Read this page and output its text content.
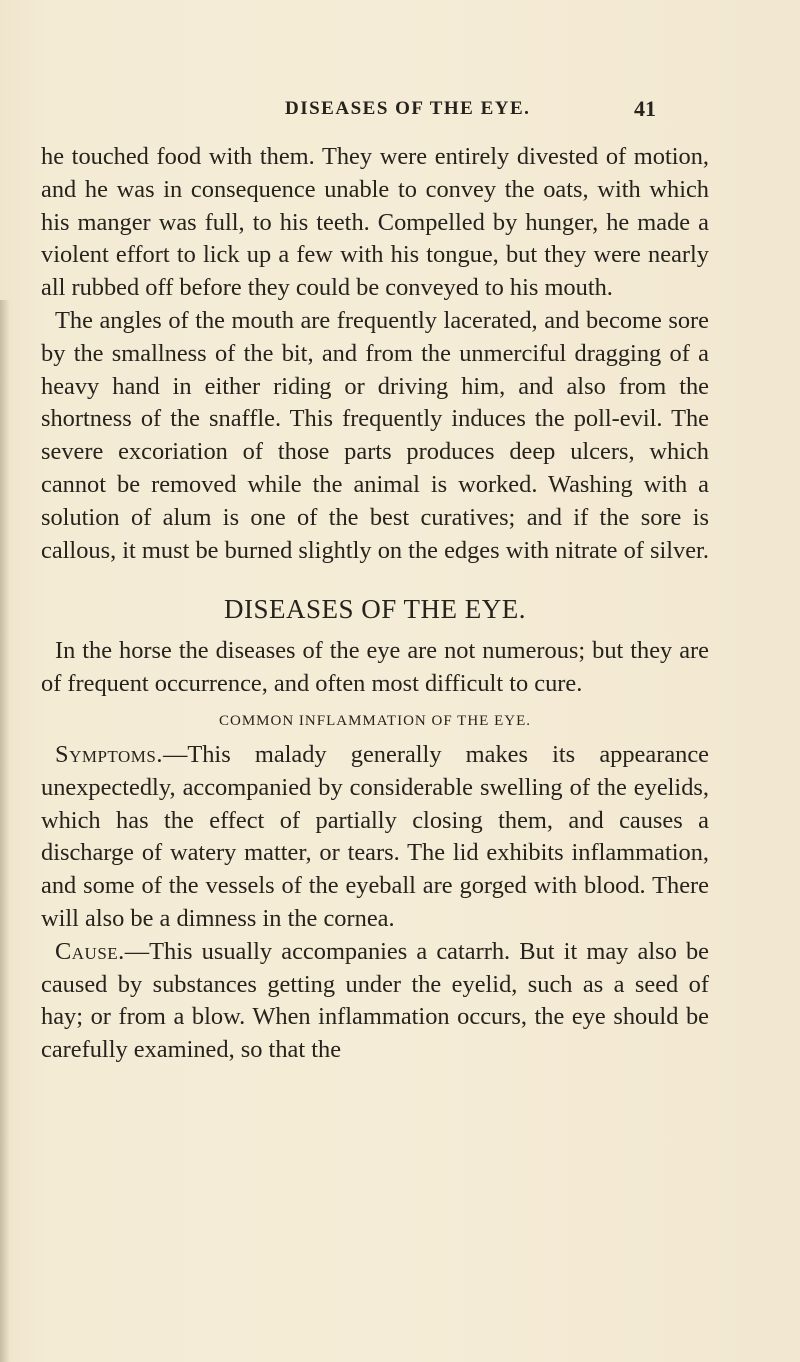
DISEASES OF THE EYE.	41

he touched food with them. They were entirely divested of motion, and he was in consequence unable to convey the oats, with which his manger was full, to his teeth. Compelled by hunger, he made a violent effort to lick up a few with his tongue, but they were nearly all rubbed off before they could be conveyed to his mouth.

The angles of the mouth are frequently lacerated, and become sore by the smallness of the bit, and from the unmerciful dragging of a heavy hand in either riding or driving him, and also from the shortness of the snaffle. This frequently induces the poll-evil. The severe excoriation of those parts produces deep ulcers, which cannot be removed while the animal is worked. Washing with a solution of alum is one of the best curatives; and if the sore is callous, it must be burned slightly on the edges with nitrate of silver.

DISEASES OF THE EYE.

In the horse the diseases of the eye are not numerous; but they are of frequent occurrence, and often most difficult to cure.

COMMON INFLAMMATION OF THE EYE.

Symptoms.—This malady generally makes its appearance unexpectedly, accompanied by considerable swelling of the eyelids, which has the effect of partially closing them, and causes a discharge of watery matter, or tears. The lid exhibits inflammation, and some of the vessels of the eyeball are gorged with blood. There will also be a dimness in the cornea.

Cause.—This usually accompanies a catarrh. But it may also be caused by substances getting under the eyelid, such as a seed of hay; or from a blow. When inflammation occurs, the eye should be carefully examined, so that the
